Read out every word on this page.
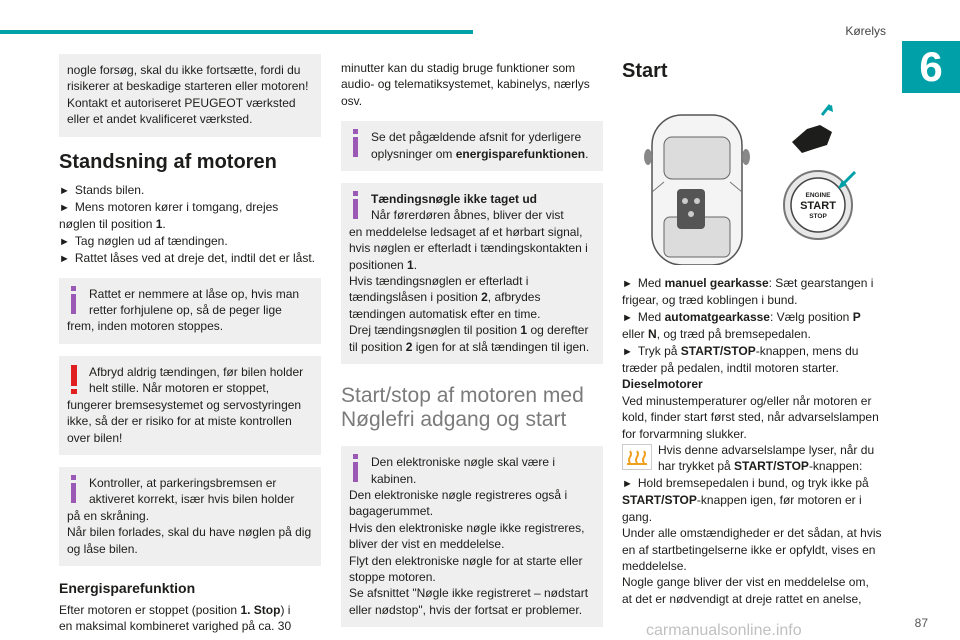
Kørelys
6
nogle forsøg, skal du ikke fortsætte, fordi du
risikerer at beskadige starteren eller motoren!
Kontakt et autoriseret PEUGEOT værksted
eller et andet kvalificeret værksted.
Standsning af motoren
► Stands bilen.
► Mens motoren kører i tomgang, drejes
nøglen til position 1.
► Tag nøglen ud af tændingen.
► Rattet låses ved at dreje det, indtil det er låst.
Rattet er nemmere at låse op, hvis man
retter forhjulene op, så de peger lige
frem, inden motoren stoppes.
Afbryd aldrig tændingen, før bilen holder
helt stille. Når motoren er stoppet,
fungerer bremsesystemet og servostyringen
ikke, så der er risiko for at miste kontrollen
over bilen!
Kontroller, at parkeringsbremsen er
aktiveret korrekt, især hvis bilen holder
på en skråning.
Når bilen forlades, skal du have nøglen på dig
og låse bilen.
Energisparefunktion
Efter motoren er stoppet (position 1. Stop) i
en maksimal kombineret varighed på ca. 30
minutter kan du stadig bruge funktioner som
audio- og telematiksystemet, kabinelys, nærlys
osv.
Se det pågældende afsnit for yderligere
oplysninger om energisparefunktionen.
Tændingsnøgle ikke taget ud
Når førerdøren åbnes, bliver der vist
en meddelelse ledsaget af et hørbart signal,
hvis nøglen er efterladt i tændingskontakten i
positionen 1.
Hvis tændingsnøglen er efterladt i
tændingslåsen i position 2, afbrydes
tændingen automatisk efter en time.
Drej tændingsnøglen til position 1 og derefter
til position 2 igen for at slå tændingen til igen.
Start/stop af motoren med
Nøglefri adgang og start
Den elektroniske nøgle skal være i
kabinen.
Den elektroniske nøgle registreres også i
bagagerummet.
Hvis den elektroniske nøgle ikke registreres,
bliver der vist en meddelelse.
Flyt den elektroniske nøgle for at starte eller
stoppe motoren.
Se afsnittet "Nøgle ikke registreret – nødstart
eller nødstop", hvis der fortsat er problemer.
Start
ENGINE
START
STOP
► Med manuel gearkasse: Sæt gearstangen i
frigear, og træd koblingen i bund.
► Med automatgearkasse: Vælg position P
eller N, og træd på bremsepedalen.
► Tryk på START/STOP-knappen, mens du
træder på pedalen, indtil motoren starter.
Dieselmotorer
Ved minustemperaturer og/eller når motoren er
kold, finder start først sted, når advarselslampen
for forvarmning slukker.
Hvis denne advarselslampe lyser, når du
har trykket på START/STOP-knappen:
► Hold bremsepedalen i bund, og tryk ikke på
START/STOP-knappen igen, før motoren er i
gang.
Under alle omstændigheder er det sådan, at hvis
en af startbetingelserne ikke er opfyldt, vises en
meddelelse.
Nogle gange bliver der vist en meddelelse om,
at det er nødvendigt at dreje rattet en anelse,
87
carmanualsonline.info
